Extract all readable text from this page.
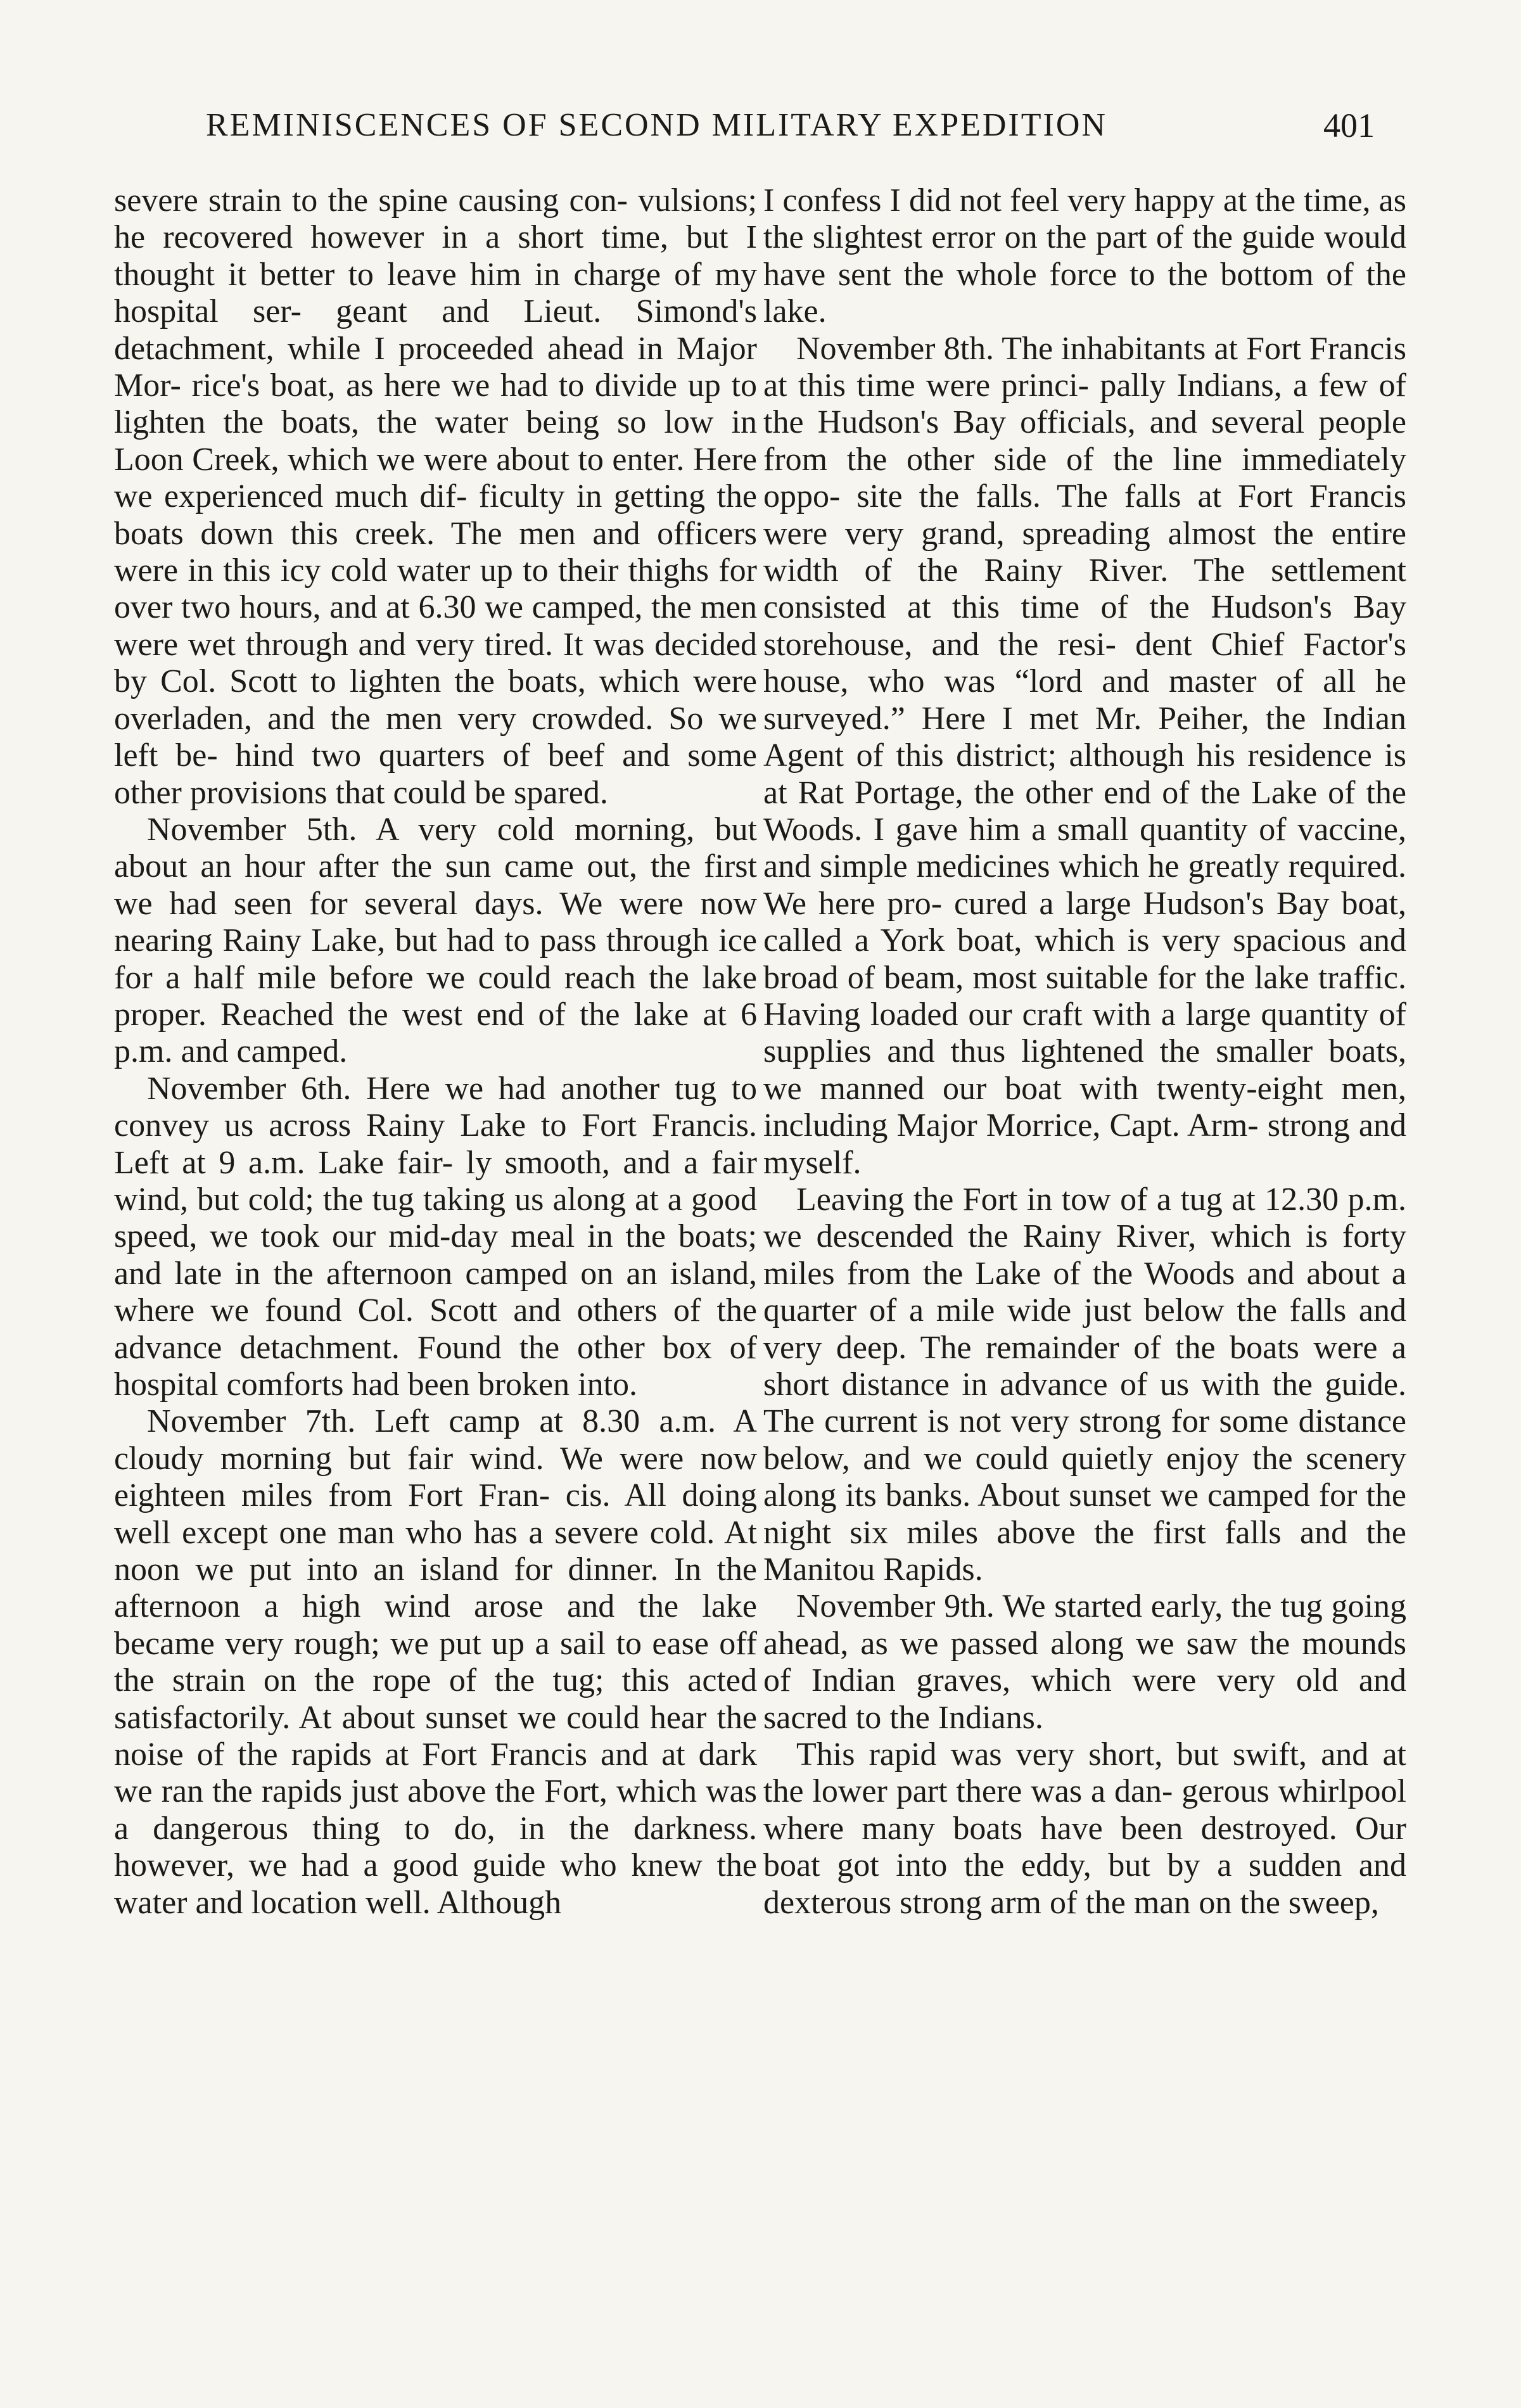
REMINISCENCES OF SECOND MILITARY EXPEDITION	401

severe strain to the spine causing con- vulsions; he recovered however in a short time, but I thought it better to leave him in charge of my hospital ser- geant and Lieut. Simond's detachment, while I proceeded ahead in Major Mor- rice's boat, as here we had to divide up to lighten the boats, the water being so low in Loon Creek, which we were about to enter. Here we experienced much dif- ficulty in getting the boats down this creek. The men and officers were in this icy cold water up to their thighs for over two hours, and at 6.30 we camped, the men were wet through and very tired. It was decided by Col. Scott to lighten the boats, which were overladen, and the men very crowded. So we left be- hind two quarters of beef and some other provisions that could be spared.

November 5th. A very cold morning, but about an hour after the sun came out, the first we had seen for several days. We were now nearing Rainy Lake, but had to pass through ice for a half mile before we could reach the lake proper. Reached the west end of the lake at 6 p.m. and camped.

November 6th. Here we had another tug to convey us across Rainy Lake to Fort Francis. Left at 9 a.m. Lake fair- ly smooth, and a fair wind, but cold; the tug taking us along at a good speed, we took our mid-day meal in the boats; and late in the afternoon camped on an island, where we found Col. Scott and others of the advance detachment. Found the other box of hospital comforts had been broken into.

November 7th. Left camp at 8.30 a.m. A cloudy morning but fair wind. We were now eighteen miles from Fort Fran- cis. All doing well except one man who has a severe cold. At noon we put into an island for dinner. In the afternoon a high wind arose and the lake became very rough; we put up a sail to ease off the strain on the rope of the tug; this acted satisfactorily. At about sunset we could hear the noise of the rapids at Fort Francis and at dark we ran the rapids just above the Fort, which was a dangerous thing to do, in the darkness. however, we had a good guide who knew the water and location well. Although

I confess I did not feel very happy at the time, as the slightest error on the part of the guide would have sent the whole force to the bottom of the lake.

November 8th. The inhabitants at Fort Francis at this time were princi- pally Indians, a few of the Hudson's Bay officials, and several people from the other side of the line immediately oppo- site the falls. The falls at Fort Francis were very grand, spreading almost the entire width of the Rainy River. The settlement consisted at this time of the Hudson's Bay storehouse, and the resi- dent Chief Factor's house, who was “lord and master of all he surveyed.” Here I met Mr. Peiher, the Indian Agent of this district; although his residence is at Rat Portage, the other end of the Lake of the Woods. I gave him a small quantity of vaccine, and simple medicines which he greatly required. We here pro- cured a large Hudson's Bay boat, called a York boat, which is very spacious and broad of beam, most suitable for the lake traffic. Having loaded our craft with a large quantity of supplies and thus lightened the smaller boats, we manned our boat with twenty-eight men, including Major Morrice, Capt. Arm- strong and myself.

Leaving the Fort in tow of a tug at 12.30 p.m. we descended the Rainy River, which is forty miles from the Lake of the Woods and about a quarter of a mile wide just below the falls and very deep. The remainder of the boats were a short distance in advance of us with the guide. The current is not very strong for some distance below, and we could quietly enjoy the scenery along its banks. About sunset we camped for the night six miles above the first falls and the Manitou Rapids.

November 9th. We started early, the tug going ahead, as we passed along we saw the mounds of Indian graves, which were very old and sacred to the Indians.

This rapid was very short, but swift, and at the lower part there was a dan- gerous whirlpool where many boats have been destroyed. Our boat got into the eddy, but by a sudden and dexterous strong arm of the man on the sweep,
